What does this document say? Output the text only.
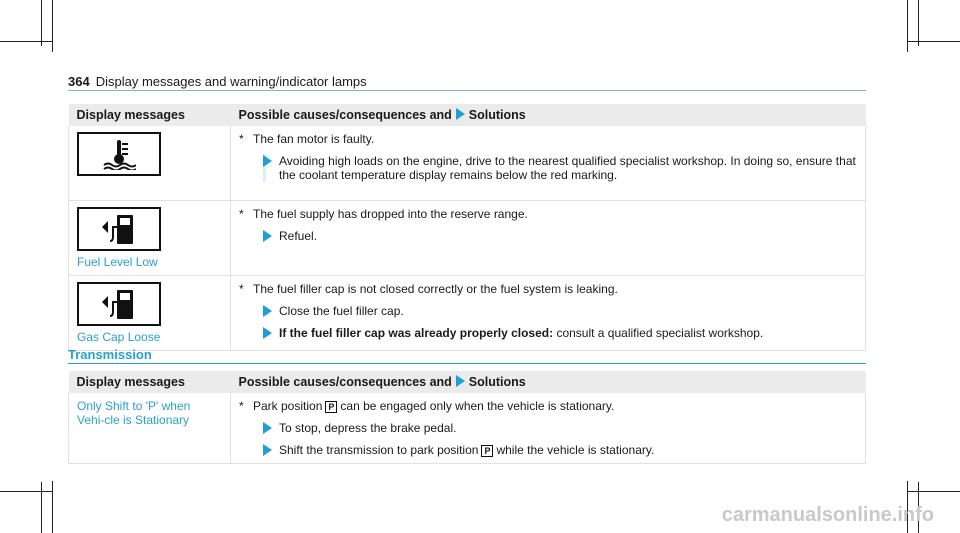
364 Display messages and warning/indicator lamps
Display messages	Possible causes/consequences and Solutions

* The fan motor is faulty.
Avoiding high loads on the engine, drive to the nearest qualified specialist workshop. In doing so, ensure that the coolant temperature display remains below the red marking.

Fuel Level Low	* The fuel supply has dropped into the reserve range.
Refuel.

Gas Cap Loose	* The fuel filler cap is not closed correctly or the fuel system is leaking.
Close the fuel filler cap.
If the fuel filler cap was already properly closed: consult a qualified specialist workshop.
Transmission
Display messages	Possible causes/consequences and Solutions

Only Shift to 'P' when Vehi-cle is Stationary	* Park position P can be engaged only when the vehicle is stationary.
To stop, depress the brake pedal.
Shift the transmission to park position P while the vehicle is stationary.
carmanualsonline.info
